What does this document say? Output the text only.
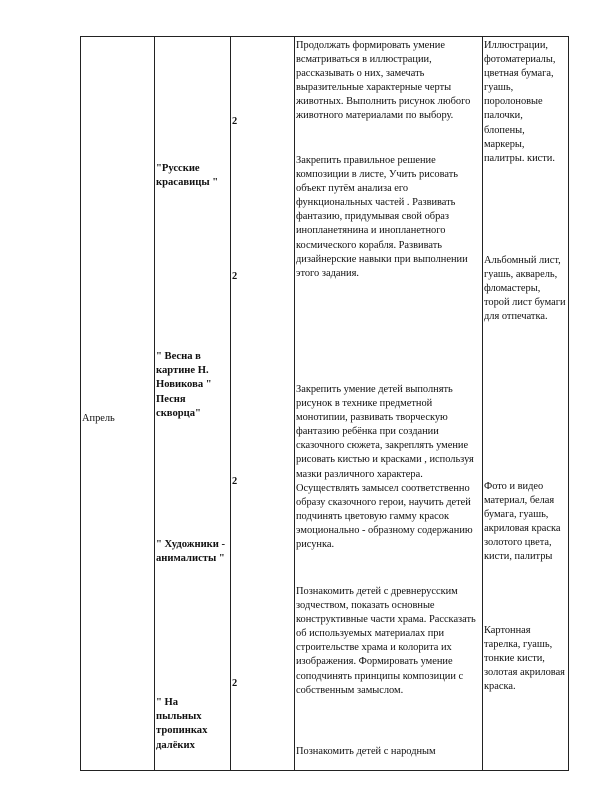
Апрель
"Русские красавицы "
" Весна в картине Н. Новикова " Песня скворца"
" Художники - анималисты "
" На пыльных тропинках далёких
2
2
2
2
Продолжать формировать умение всматриваться в иллюстрации, рассказывать о них, замечать выразительные характерные черты животных. Выполнить рисунок любого животного материалами по выбору.
Закрепить правильное решение композиции в листе, Учить рисовать объект путём анализа его функциональных частей . Развивать фантазию, придумывая свой образ инопланетянина и инопланетного космического корабля. Развивать дизайнерские навыки при выполнении этого задания.
Закрепить умение детей выполнять рисунок в технике предметной монотипии, развивать творческую фантазию ребёнка при создании сказочного сюжета, закреплять умение рисовать кистью и красками , используя мазки различного характера. Осуществлять замысел соответственно образу сказочного герои, научить детей подчинять цветовую гамму красок эмоционально - образному содержанию рисунка.
Познакомить детей с древнерусским зодчеством, показать основные конструктивные части храма. Рассказать об используемых материалах при строительстве храма и колорита их изображения. Формировать умение соподчинять принципы композиции с собственным замыслом.
Познакомить детей с народным
Иллюстрации, фотоматериалы, цветная бумага, гуашь, поролоновые палочки, блопены, маркеры, палитры. кисти.
Альбомный лист, гуашь, акварель, фломастеры, торой лист бумаги для отпечатка.
Фото и видео материал, белая бумага, гуашь, акриловая краска золотого цвета, кисти, палитры
Картонная тарелка, гуашь, тонкие кисти, золотая акриловая краска.
